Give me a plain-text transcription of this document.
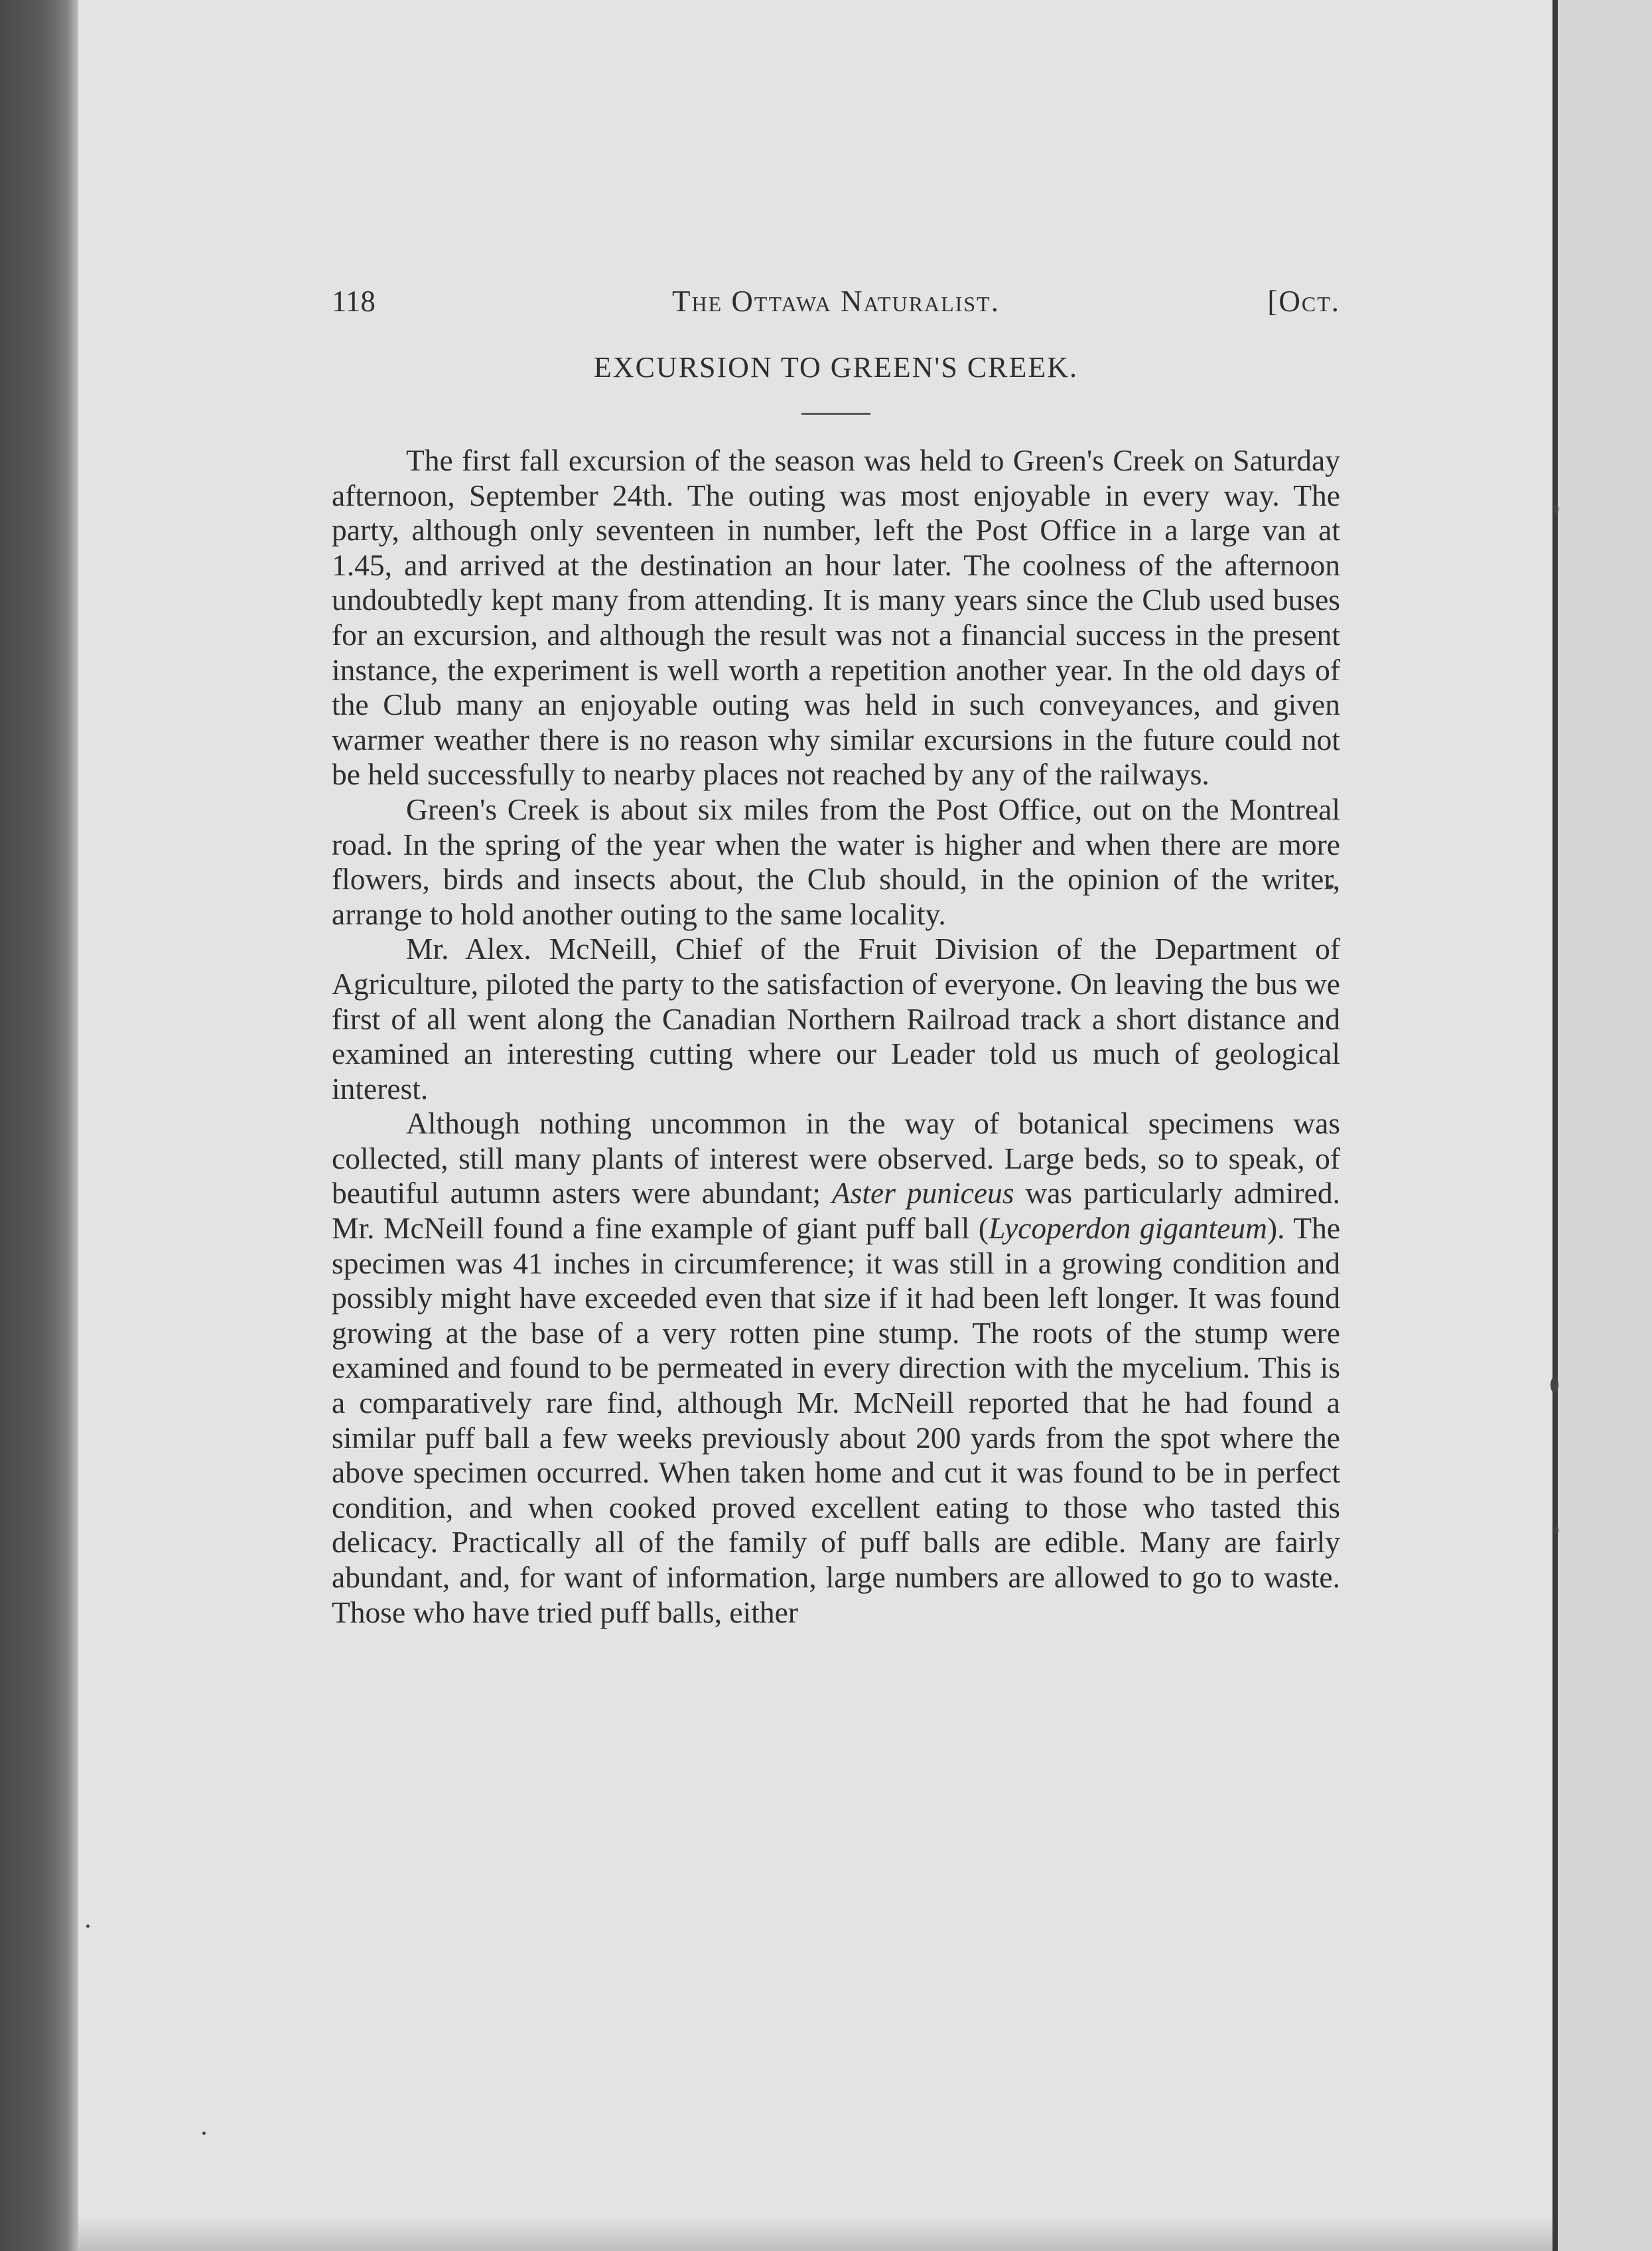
118	The Ottawa Naturalist.	[Oct.
EXCURSION TO GREEN'S CREEK.

The first fall excursion of the season was held to Green's Creek on Saturday afternoon, September 24th. The outing was most enjoyable in every way. The party, although only seventeen in number, left the Post Office in a large van at 1.45, and arrived at the destination an hour later. The coolness of the afternoon undoubtedly kept many from attending. It is many years since the Club used buses for an excursion, and although the result was not a financial success in the present instance, the experiment is well worth a repetition another year. In the old days of the Club many an enjoyable outing was held in such conveyances, and given warmer weather there is no reason why similar excursions in the future could not be held successfully to nearby places not reached by any of the railways.

Green's Creek is about six miles from the Post Office, out on the Montreal road. In the spring of the year when the water is higher and when there are more flowers, birds and insects about, the Club should, in the opinion of the writer, arrange to hold another outing to the same locality.

Mr. Alex. McNeill, Chief of the Fruit Division of the Department of Agriculture, piloted the party to the satisfaction of everyone. On leaving the bus we first of all went along the Canadian Northern Railroad track a short distance and examined an interesting cutting where our Leader told us much of geological interest.

Although nothing uncommon in the way of botanical specimens was collected, still many plants of interest were observed. Large beds, so to speak, of beautiful autumn asters were abundant; Aster puniceus was particularly admired. Mr. McNeill found a fine example of giant puff ball (Lycoperdon giganteum). The specimen was 41 inches in circumference; it was still in a growing condition and possibly might have exceeded even that size if it had been left longer. It was found growing at the base of a very rotten pine stump. The roots of the stump were examined and found to be permeated in every direction with the mycelium. This is a comparatively rare find, although Mr. McNeill reported that he had found a similar puff ball a few weeks previously about 200 yards from the spot where the above specimen occurred. When taken home and cut it was found to be in perfect condition, and when cooked proved excellent eating to those who tasted this delicacy. Practically all of the family of puff balls are edible. Many are fairly abundant, and, for want of information, large numbers are allowed to go to waste. Those who have tried puff balls, either
